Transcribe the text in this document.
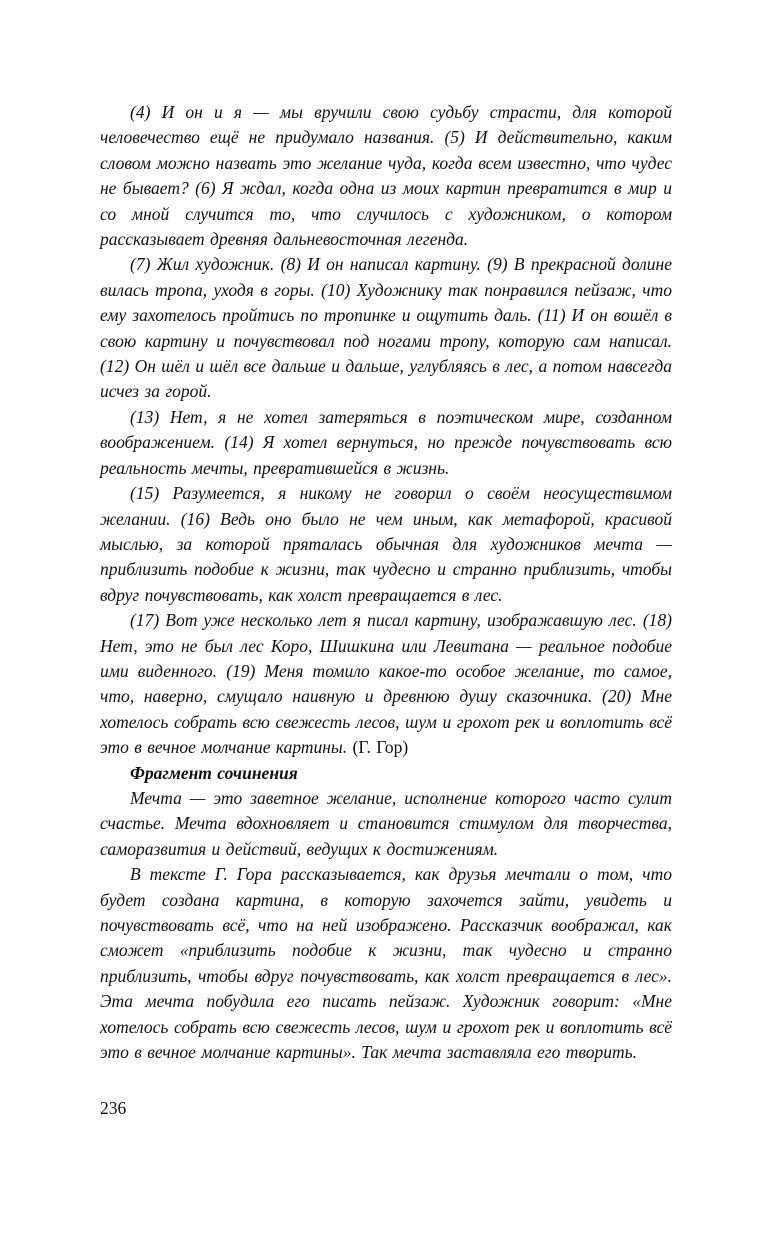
(4) И он и я — мы вручили свою судьбу страсти, для которой человечество ещё не придумало названия. (5) И действительно, каким словом можно назвать это желание чуда, когда всем известно, что чудес не бывает? (6) Я ждал, когда одна из моих картин превратится в мир и со мной случится то, что случилось с художником, о котором рассказывает древняя дальневосточная легенда.

(7) Жил художник. (8) И он написал картину. (9) В прекрасной долине вилась тропа, уходя в горы. (10) Художнику так понравился пейзаж, что ему захотелось пройтись по тропинке и ощутить даль. (11) И он вошёл в свою картину и почувствовал под ногами тропу, которую сам написал. (12) Он шёл и шёл все дальше и дальше, углубляясь в лес, а потом навсегда исчез за горой.

(13) Нет, я не хотел затеряться в поэтическом мире, созданном воображением. (14) Я хотел вернуться, но прежде почувствовать всю реальность мечты, превратившейся в жизнь.

(15) Разумеется, я никому не говорил о своём неосуществимом желании. (16) Ведь оно было не чем иным, как метафорой, красивой мыслью, за которой пряталась обычная для художников мечта — приблизить подобие к жизни, так чудесно и странно приблизить, чтобы вдруг почувствовать, как холст превращается в лес.

(17) Вот уже несколько лет я писал картину, изображавшую лес. (18) Нет, это не был лес Коро, Шишкина или Левитана — реальное подобие ими виденного. (19) Меня томило какое-то особое желание, то самое, что, наверно, смущало наивную и древнюю душу сказочника. (20) Мне хотелось собрать всю свежесть лесов, шум и грохот рек и воплотить всё это в вечное молчание картины. (Г. Гор)

Фрагмент сочинения

Мечта — это заветное желание, исполнение которого часто сулит счастье. Мечта вдохновляет и становится стимулом для творчества, саморазвития и действий, ведущих к достижениям.

В тексте Г. Гора рассказывается, как друзья мечтали о том, что будет создана картина, в которую захочется зайти, увидеть и почувствовать всё, что на ней изображено. Рассказчик воображал, как сможет «приблизить подобие к жизни, так чудесно и странно приблизить, чтобы вдруг почувствовать, как холст превращается в лес». Эта мечта побудила его писать пейзаж. Художник говорит: «Мне хотелось собрать всю свежесть лесов, шум и грохот рек и воплотить всё это в вечное молчание картины». Так мечта заставляла его творить.

236
